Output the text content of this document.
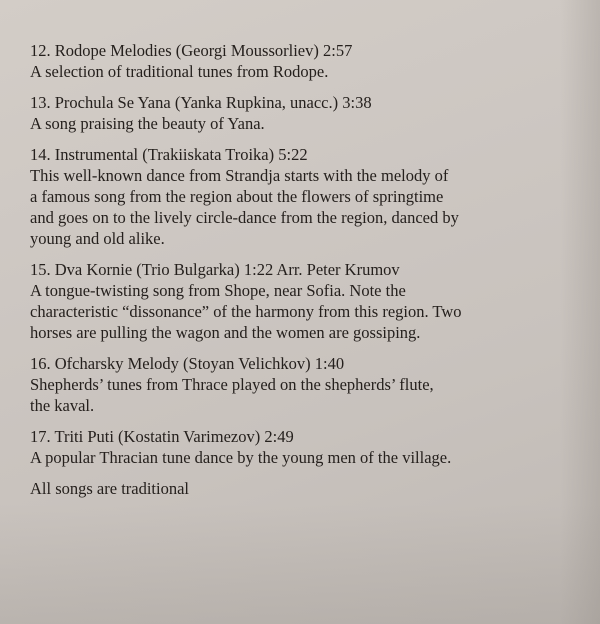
12. Rodope Melodies (Georgi Moussorliev) 2:57
A selection of traditional tunes from Rodope.
13. Prochula Se Yana (Yanka Rupkina, unacc.) 3:38
A song praising the beauty of Yana.
14. Instrumental (Trakiiskata Troika) 5:22
This well-known dance from Strandja starts with the melody of
a famous song from the region about the flowers of springtime
and goes on to the lively circle-dance from the region, danced by
young and old alike.
15. Dva Kornie (Trio Bulgarka) 1:22 Arr. Peter Krumov
A tongue-twisting song from Shope, near Sofia. Note the
characteristic “dissonance” of the harmony from this region. Two
horses are pulling the wagon and the women are gossiping.
16. Ofcharsky Melody (Stoyan Velichkov) 1:40
Shepherds’ tunes from Thrace played on the shepherds’ flute,
the kaval.
17. Triti Puti (Kostatin Varimezov) 2:49
A popular Thracian tune dance by the young men of the village.
All songs are traditional
